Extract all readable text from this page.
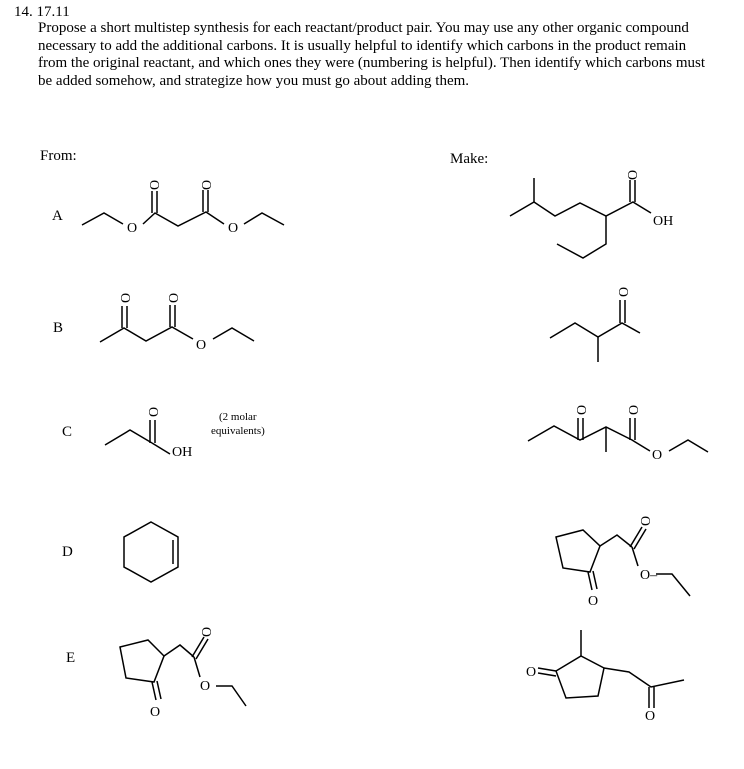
14. 17.11
Propose a short multistep synthesis for each reactant/product pair. You may use any other organic compound necessary to add the additional carbons. It is usually helpful to identify which carbons in the product remain from the original reactant, and which ones they were (numbering is helpful). Then identify which carbons must be added somehow, and strategize how you must go about adding them.
From:	Make:
A
B
C
D
E
O	O
O	O
O
OH
O O
O
O
O
OH
(2 molar
equivalents)
O	O
O
O
O–
O
O
O
O
O
O
